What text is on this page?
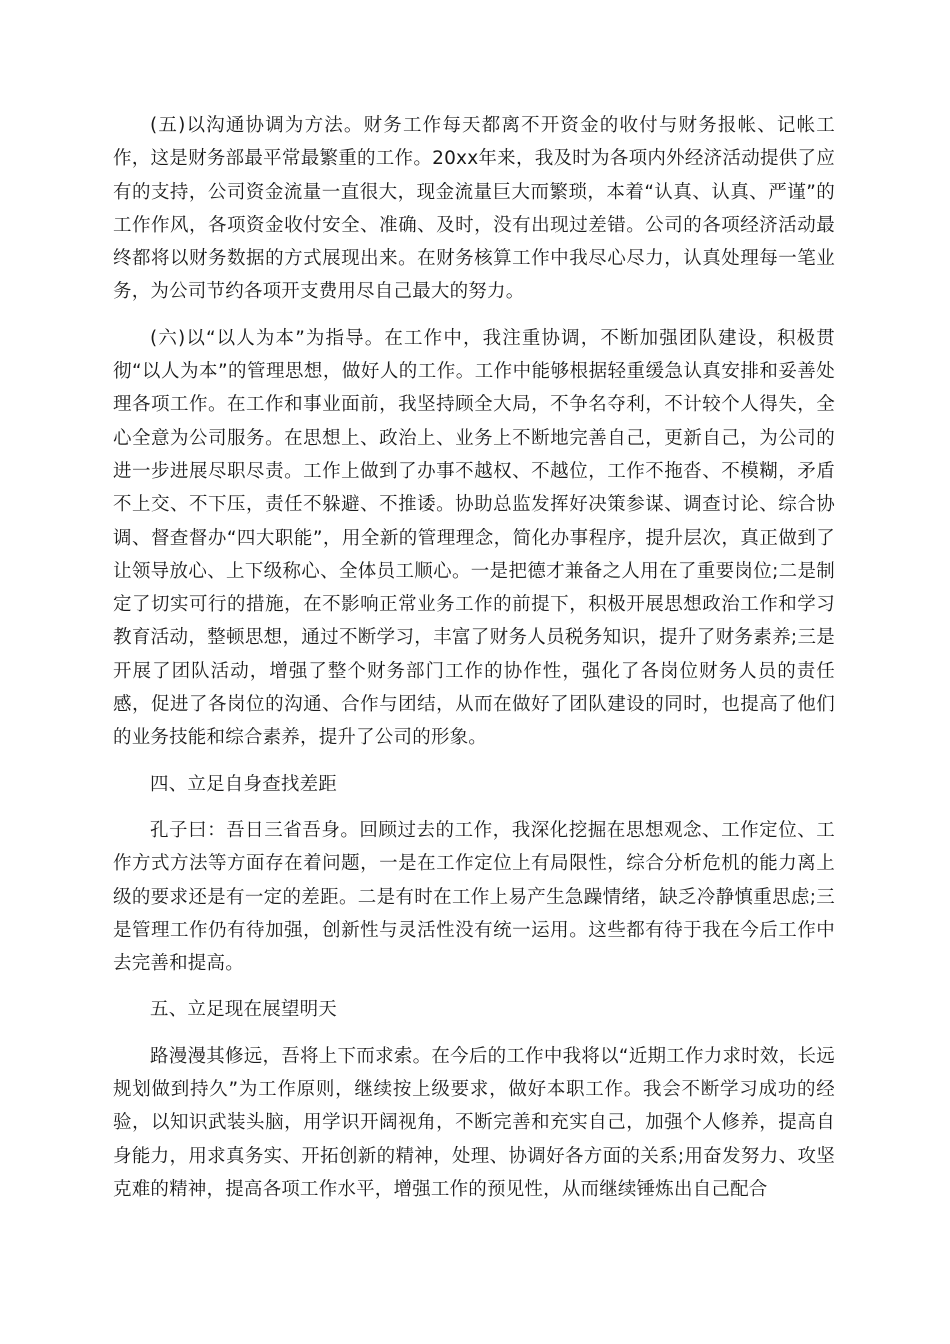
(五)以沟通协调为方法。财务工作每天都离不开资金的收付与财务报帐、记帐工作，这是财务部最平常最繁重的工作。20xx年来，我及时为各项内外经济活动提供了应有的支持，公司资金流量一直很大，现金流量巨大而繁琐，本着“认真、认真、严谨”的工作作风，各项资金收付安全、准确、及时，没有出现过差错。公司的各项经济活动最终都将以财务数据的方式展现出来。在财务核算工作中我尽心尽力，认真处理每一笔业务，为公司节约各项开支费用尽自己最大的努力。

(六)以“以人为本”为指导。在工作中，我注重协调，不断加强团队建设，积极贯彻“以人为本”的管理思想，做好人的工作。工作中能够根据轻重缓急认真安排和妥善处理各项工作。在工作和事业面前，我坚持顾全大局，不争名夺利，不计较个人得失，全心全意为公司服务。在思想上、政治上、业务上不断地完善自己，更新自己，为公司的进一步进展尽职尽责。工作上做到了办事不越权、不越位，工作不拖沓、不模糊，矛盾不上交、不下压，责任不躲避、不推诿。协助总监发挥好决策参谋、调查讨论、综合协调、督查督办“四大职能”，用全新的管理理念，简化办事程序，提升层次，真正做到了让领导放心、上下级称心、全体员工顺心。一是把德才兼备之人用在了重要岗位;二是制定了切实可行的措施，在不影响正常业务工作的前提下，积极开展思想政治工作和学习教育活动，整顿思想，通过不断学习，丰富了财务人员税务知识，提升了财务素养;三是开展了团队活动，增强了整个财务部门工作的协作性，强化了各岗位财务人员的责任感，促进了各岗位的沟通、合作与团结，从而在做好了团队建设的同时，也提高了他们的业务技能和综合素养，提升了公司的形象。

四、立足自身查找差距

孔子曰：吾日三省吾身。回顾过去的工作，我深化挖掘在思想观念、工作定位、工作方式方法等方面存在着问题，一是在工作定位上有局限性，综合分析危机的能力离上级的要求还是有一定的差距。二是有时在工作上易产生急躁情绪，缺乏冷静慎重思虑;三是管理工作仍有待加强，创新性与灵活性没有统一运用。这些都有待于我在今后工作中去完善和提高。

五、立足现在展望明天

路漫漫其修远，吾将上下而求索。在今后的工作中我将以“近期工作力求时效，长远规划做到持久”为工作原则，继续按上级要求，做好本职工作。我会不断学习成功的经验，以知识武装头脑，用学识开阔视角，不断完善和充实自己，加强个人修养，提高自身能力，用求真务实、开拓创新的精神，处理、协调好各方面的关系;用奋发努力、攻坚克难的精神，提高各项工作水平，增强工作的预见性，从而继续锤炼出自己配合
